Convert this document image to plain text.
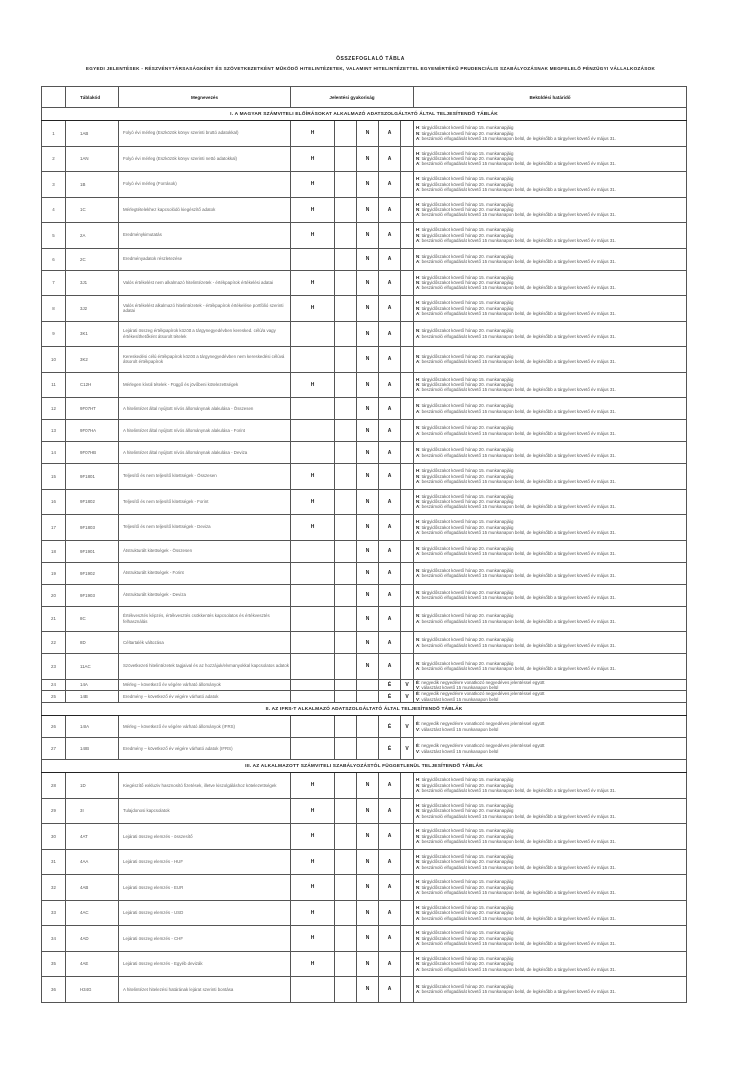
ÖSSZEFOGLALÓ TÁBLA
EGYEDI JELENTÉSEK - RÉSZVÉNYTÁRSASÁGKÉNT ÉS SZÖVETKEZETKÉNT MŰKÖDŐ HITELINTÉZETEK, VALAMINT HITELINTÉZETTEL EGYENÉRTÉKŰ PRUDENCIÁLIS SZABÁLYOZÁSNAK MEGFELELŐ PÉNZÜGYI VÁLLALKOZÁSOK
	Táblakód	Megnevezés	Jelentési gyakoriság					Beküldési határidő
I. A MAGYAR SZÁMVITELI ELŐÍRÁSOKAT ALKALMAZÓ ADATSZOLGÁLTATÓ ÁLTAL TELJESÍTENDŐ TÁBLÁK								
1	1AB	Folyó évi mérleg (Eszközök könyv szerinti bruttó adatokkal)	H		N	A		H: tárgyidőszakot követő hónap 15. munkanapjáig
N: tárgyidőszakot követő hónap 20. munkanapjáig
A: beszámoló elfogadását követő 15 munkanapon belül, de legkésőbb a tárgyévet követő év május 31.

2	1AN	Folyó évi mérleg (Eszközök könyv szerinti nettó adatokkal)	H		N	A		H: tárgyidőszakot követő hónap 15. munkanapjáig
N: tárgyidőszakot követő hónap 20. munkanapjáig
A: beszámoló elfogadását követő 15 munkanapon belül, de legkésőbb a tárgyévet követő év május 31.

3	1B	Folyó évi mérleg (Források)	H		N	A		H: tárgyidőszakot követő hónap 15. munkanapjáig
N: tárgyidőszakot követő hónap 20. munkanapjáig
A: beszámoló elfogadását követő 15 munkanapon belül, de legkésőbb a tárgyévet követő év május 31.

4	1C	Mérlegtételekhez kapcsolódó kiegészítő adatok	H		N	A		H: tárgyidőszakot követő hónap 15. munkanapjáig
N: tárgyidőszakot követő hónap 20. munkanapjáig
A: beszámoló elfogadását követő 15 munkanapon belül, de legkésőbb a tárgyévet követő év május 31.

5	2A	Eredménykimutatás	H		N	A		H: tárgyidőszakot követő hónap 15. munkanapjáig
N: tárgyidőszakot követő hónap 20. munkanapjáig
A: beszámoló elfogadását követő 15 munkanapon belül, de legkésőbb a tárgyévet követő év május 31.

6	2C	Eredményadatok részletezése			N	A		N: tárgyidőszakot követő hónap 20. munkanapjáig
A: beszámoló elfogadását követő 15 munkanapon belül, de legkésőbb a tárgyévet követő év május 31.

7	3J1	Valós értékelést nem alkalmazó hitelintézetek - értékpapírok értékelési adatai	H		N	A		H: tárgyidőszakot követő hónap 15. munkanapjáig
N: tárgyidőszakot követő hónap 20. munkanapjáig
A: beszámoló elfogadását követő 15 munkanapon belül, de legkésőbb a tárgyévet követő év május 31.

8	3J2	Valós értékelést alkalmazó hitelintézetek - értékpapírok értékelése portfólió szerinti adatai	H		N	A		H: tárgyidőszakot követő hónap 15. munkanapjáig
N: tárgyidőszakot követő hónap 20. munkanapjáig
A: beszámoló elfogadását követő 15 munkanapon belül, de legkésőbb a tárgyévet követő év május 31.

9	3K1	Lejárati összeg értékpapírok között a tárgynegyedévben keresked. célú/a vagy értékesíthetőként átsorolt tételek			N	A		N: tárgyidőszakot követő hónap 20. munkanapjáig
A: beszámoló elfogadását követő 15 munkanapon belül, de legkésőbb a tárgyévet követő év május 31.

10	3K2	Kereskedési célú értékpapírok között a tárgynegyedévben nem kereskedési célúvá átsorolt értékpapírok			N	A		N: tárgyidőszakot követő hónap 20. munkanapjáig
A: beszámoló elfogadását követő 15 munkanapon belül, de legkésőbb a tárgyévet követő év május 31.

11	C12H	Mérlegen kívüli tételek - Függő és jövőbeni kötelezettségek	H		N	A		H: tárgyidőszakot követő hónap 15. munkanapjáig
N: tárgyidőszakot követő hónap 20. munkanapjáig
A: beszámoló elfogadását követő 15 munkanapon belül, de legkésőbb a tárgyévet követő év május 31.

12	9F07HT	A hitelintézet által nyújtott nívós állománynak alakulása - Összesen			N	A		N: tárgyidőszakot követő hónap 20. munkanapjáig
A: beszámoló elfogadását követő 15 munkanapon belül, de legkésőbb a tárgyévet követő év május 31.

13	9F07HA	A hitelintézet által nyújtott nívós állománynak alakulása - Forint			N	A		N: tárgyidőszakot követő hónap 20. munkanapjáig
A: beszámoló elfogadását követő 15 munkanapon belül, de legkésőbb a tárgyévet követő év május 31.

14	9F07HB	A hitelintézet által nyújtott nívós állománynak alakulása - Deviza			N	A		N: tárgyidőszakot követő hónap 20. munkanapjáig
A: beszámoló elfogadását követő 15 munkanapon belül, de legkésőbb a tárgyévet követő év május 31.

15	9F1801	Teljesítő és nem teljesítő kitettségek - Összesen	H		N	A		H: tárgyidőszakot követő hónap 15. munkanapjáig
N: tárgyidőszakot követő hónap 20. munkanapjáig
A: beszámoló elfogadását követő 15 munkanapon belül, de legkésőbb a tárgyévet követő év május 31.

16	9F1802	Teljesítő és nem teljesítő kitettségek - Forint	H		N	A		H: tárgyidőszakot követő hónap 15. munkanapjáig
N: tárgyidőszakot követő hónap 20. munkanapjáig
A: beszámoló elfogadását követő 15 munkanapon belül, de legkésőbb a tárgyévet követő év május 31.

17	9F1803	Teljesítő és nem teljesítő kitettségek - Deviza	H		N	A		H: tárgyidőszakot követő hónap 15. munkanapjáig
N: tárgyidőszakot követő hónap 20. munkanapjáig
A: beszámoló elfogadását követő 15 munkanapon belül, de legkésőbb a tárgyévet követő év május 31.

18	9F1901	Átstrukturált kitettségek - Összesen			N	A		N: tárgyidőszakot követő hónap 20. munkanapjáig
A: beszámoló elfogadását követő 15 munkanapon belül, de legkésőbb a tárgyévet követő év május 31.

19	9F1902	Átstrukturált kitettségek - Forint			N	A		N: tárgyidőszakot követő hónap 20. munkanapjáig
A: beszámoló elfogadását követő 15 munkanapon belül, de legkésőbb a tárgyévet követő év május 31.

20	9F1903	Átstrukturált kitettségek - Deviza			N	A		N: tárgyidőszakot követő hónap 20. munkanapjáig
A: beszámoló elfogadását követő 15 munkanapon belül, de legkésőbb a tárgyévet követő év május 31.

21	8C	Értékvesztés képzés, értékvesztés csökkentés kapcsolatos és értékvesztés felhasználás			N	A		N: tárgyidőszakot követő hónap 20. munkanapjáig
A: beszámoló elfogadását követő 15 munkanapon belül, de legkésőbb a tárgyévet követő év május 31.

22	8D	Céltartalék változása			N	A		N: tárgyidőszakot követő hónap 20. munkanapjáig
A: beszámoló elfogadását követő 15 munkanapon belül, de legkésőbb a tárgyévet követő év május 31.

23	11AC	Szövetkezeti hitelintézetek tagjaival és az hozzájuk/elvmanyokkal kapcsolatos adatok			N	A		N: tárgyidőszakot követő hónap 20. munkanapjáig
A: beszámoló elfogadását követő 15 munkanapon belül, de legkésőbb a tárgyévet követő év május 31.

24	14A	Mérleg – következő év végére várható állományok				É	V	É: negyedik negyedévre vonatkozó negyedéves jelentéssel együtt
V: választást követő 15 munkanapon belül

25	14B	Eredmény – következő év végére várható adatok				É	V	É: negyedik negyedévre vonatkozó negyedéves jelentéssel együtt
V: választást követő 15 munkanapon belül

II. AZ IFRS-T ALKALMAZÓ ADATSZOLGÁLTATÓ ÁLTAL TELJESÍTENDŐ TÁBLÁK								
26	14IA	Mérleg – következő év végére várható állományok (IFRS)				É	V	É: negyedik negyedévre vonatkozó negyedéves jelentéssel együtt
V: választást követő 15 munkanapon belül

27	14IB	Eredmény – következő év végére várható adatok (IFRS)				É	V	É: negyedik negyedévre vonatkozó negyedéves jelentéssel együtt
V: választást követő 15 munkanapon belül

III. AZ ALKALMAZOTT SZÁMVITELI SZABÁLYOZÁSTÓL FÜGGETLENÜL TELJESÍTENDŐ TÁBLÁK								
28	1D	Kiegészítő exkluziv hasznosító fizetések, illetve kiszolgáláshoz kötelezettségek	H		N	A		H: tárgyidőszakot követő hónap 15. munkanapjáig
N: tárgyidőszakot követő hónap 20. munkanapjáig
A: beszámoló elfogadását követő 15 munkanapon belül, de legkésőbb a tárgyévet követő év május 31.

29	3I	Tulajdonosi kapcsolatok	H		N	A		H: tárgyidőszakot követő hónap 15. munkanapjáig
N: tárgyidőszakot követő hónap 20. munkanapjáig
A: beszámoló elfogadását követő 15 munkanapon belül, de legkésőbb a tárgyévet követő év május 31.

30	4AT	Lejárati összeg elemzés - összesítő	H		N	A		H: tárgyidőszakot követő hónap 15. munkanapjáig
N: tárgyidőszakot követő hónap 20. munkanapjáig
A: beszámoló elfogadását követő 15 munkanapon belül, de legkésőbb a tárgyévet követő év május 31.

31	4AA	Lejárati összeg elemzés - HUF	H		N	A		H: tárgyidőszakot követő hónap 15. munkanapjáig
N: tárgyidőszakot követő hónap 20. munkanapjáig
A: beszámoló elfogadását követő 15 munkanapon belül, de legkésőbb a tárgyévet követő év május 31.

32	4AB	Lejárati összeg elemzés - EUR	H		N	A		H: tárgyidőszakot követő hónap 15. munkanapjáig
N: tárgyidőszakot követő hónap 20. munkanapjáig
A: beszámoló elfogadását követő 15 munkanapon belül, de legkésőbb a tárgyévet követő év május 31.

33	4AC	Lejárati összeg elemzés - USD	H		N	A		H: tárgyidőszakot követő hónap 15. munkanapjáig
N: tárgyidőszakot követő hónap 20. munkanapjáig
A: beszámoló elfogadását követő 15 munkanapon belül, de legkésőbb a tárgyévet követő év május 31.

34	4AD	Lejárati összeg elemzés - CHF	H		N	A		H: tárgyidőszakot követő hónap 15. munkanapjáig
N: tárgyidőszakot követő hónap 20. munkanapjáig
A: beszámoló elfogadását követő 15 munkanapon belül, de legkésőbb a tárgyévet követő év május 31.

35	4AE	Lejárati összeg elemzés - Egyéb devizák	H		N	A		H: tárgyidőszakot követő hónap 15. munkanapjáig
N: tárgyidőszakot követő hónap 20. munkanapjáig
A: beszámoló elfogadását követő 15 munkanapon belül, de legkésőbb a tárgyévet követő év május 31.

36	H34G	A hitelintézet hitelezési határának lejárat szerinti bontása			N	A		N: tárgyidőszakot követő hónap 20. munkanapjáig
A: beszámoló elfogadását követő 15 munkanapon belül, de legkésőbb a tárgyévet követő év május 31.
